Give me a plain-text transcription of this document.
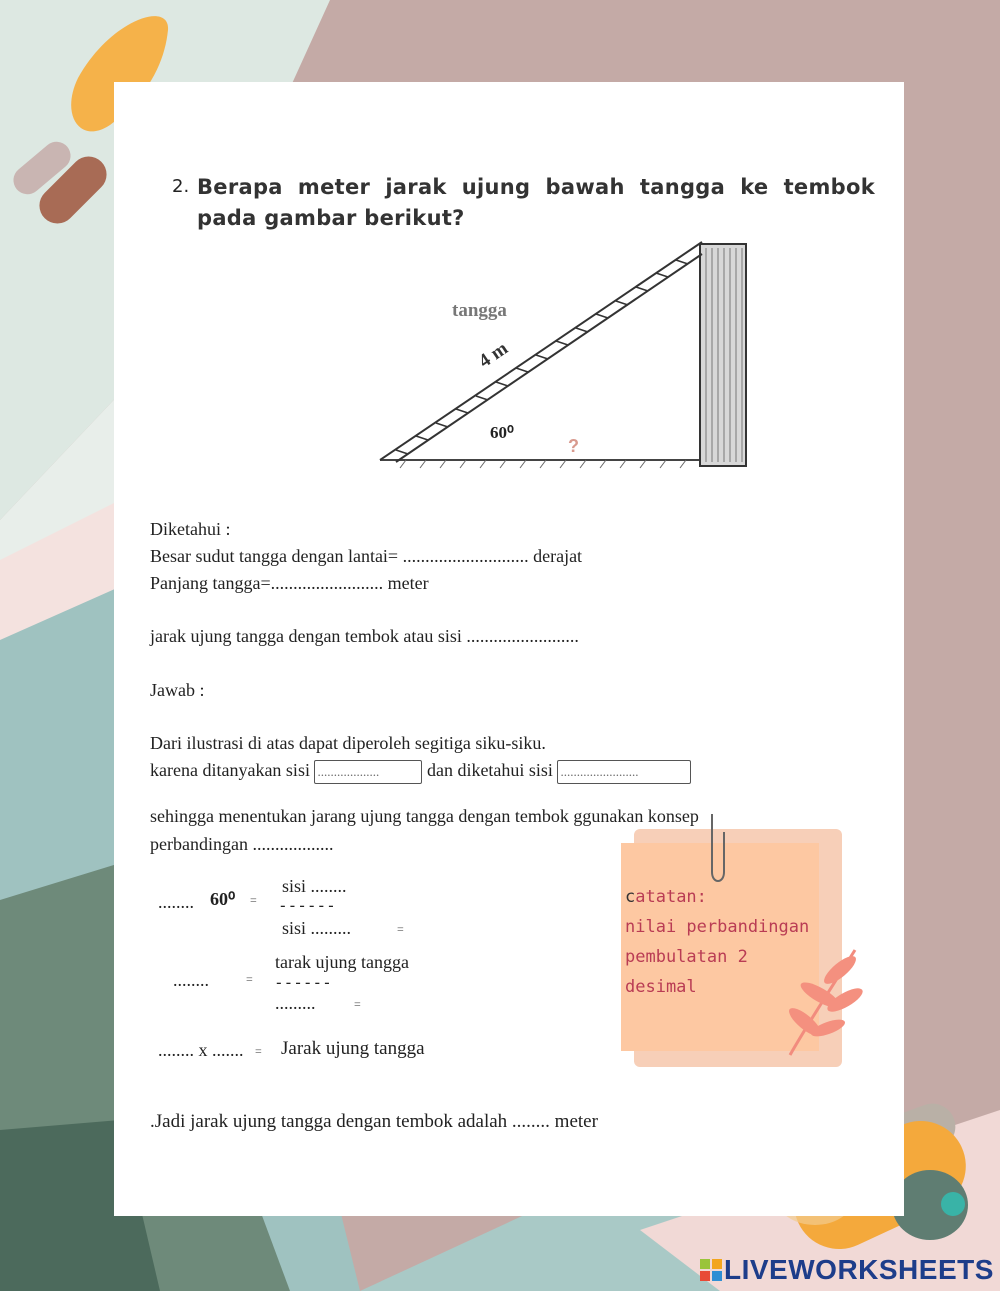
2. Berapa meter jarak ujung bawah tangga ke tembok pada gambar berikut?
tangga
4 m
60⁰
?
Diketahui :
Besar sudut tangga dengan lantai= ............................ derajat
Panjang tangga=......................... meter
jarak ujung tangga dengan tembok atau sisi .........................
Jawab :
Dari ilustrasi di atas dapat diperoleh segitiga siku-siku.
karena ditanyakan sisi ...................	dan diketahui sisi ........................
catatan:
nilai perbandingan
pembulatan 2
desimal
sehingga menentukan jarang ujung tangga dengan tembok ggunakan konsep
perbandingan ..................
........ 60⁰ =
sisi ........
------
sisi .........	=
........	=
tarak ujung tangga
------
.........	=
........ x ....... = Jarak ujung tangga
.Jadi jarak ujung tangga dengan tembok adalah ........ meter
LIVEWORKSHEETS
